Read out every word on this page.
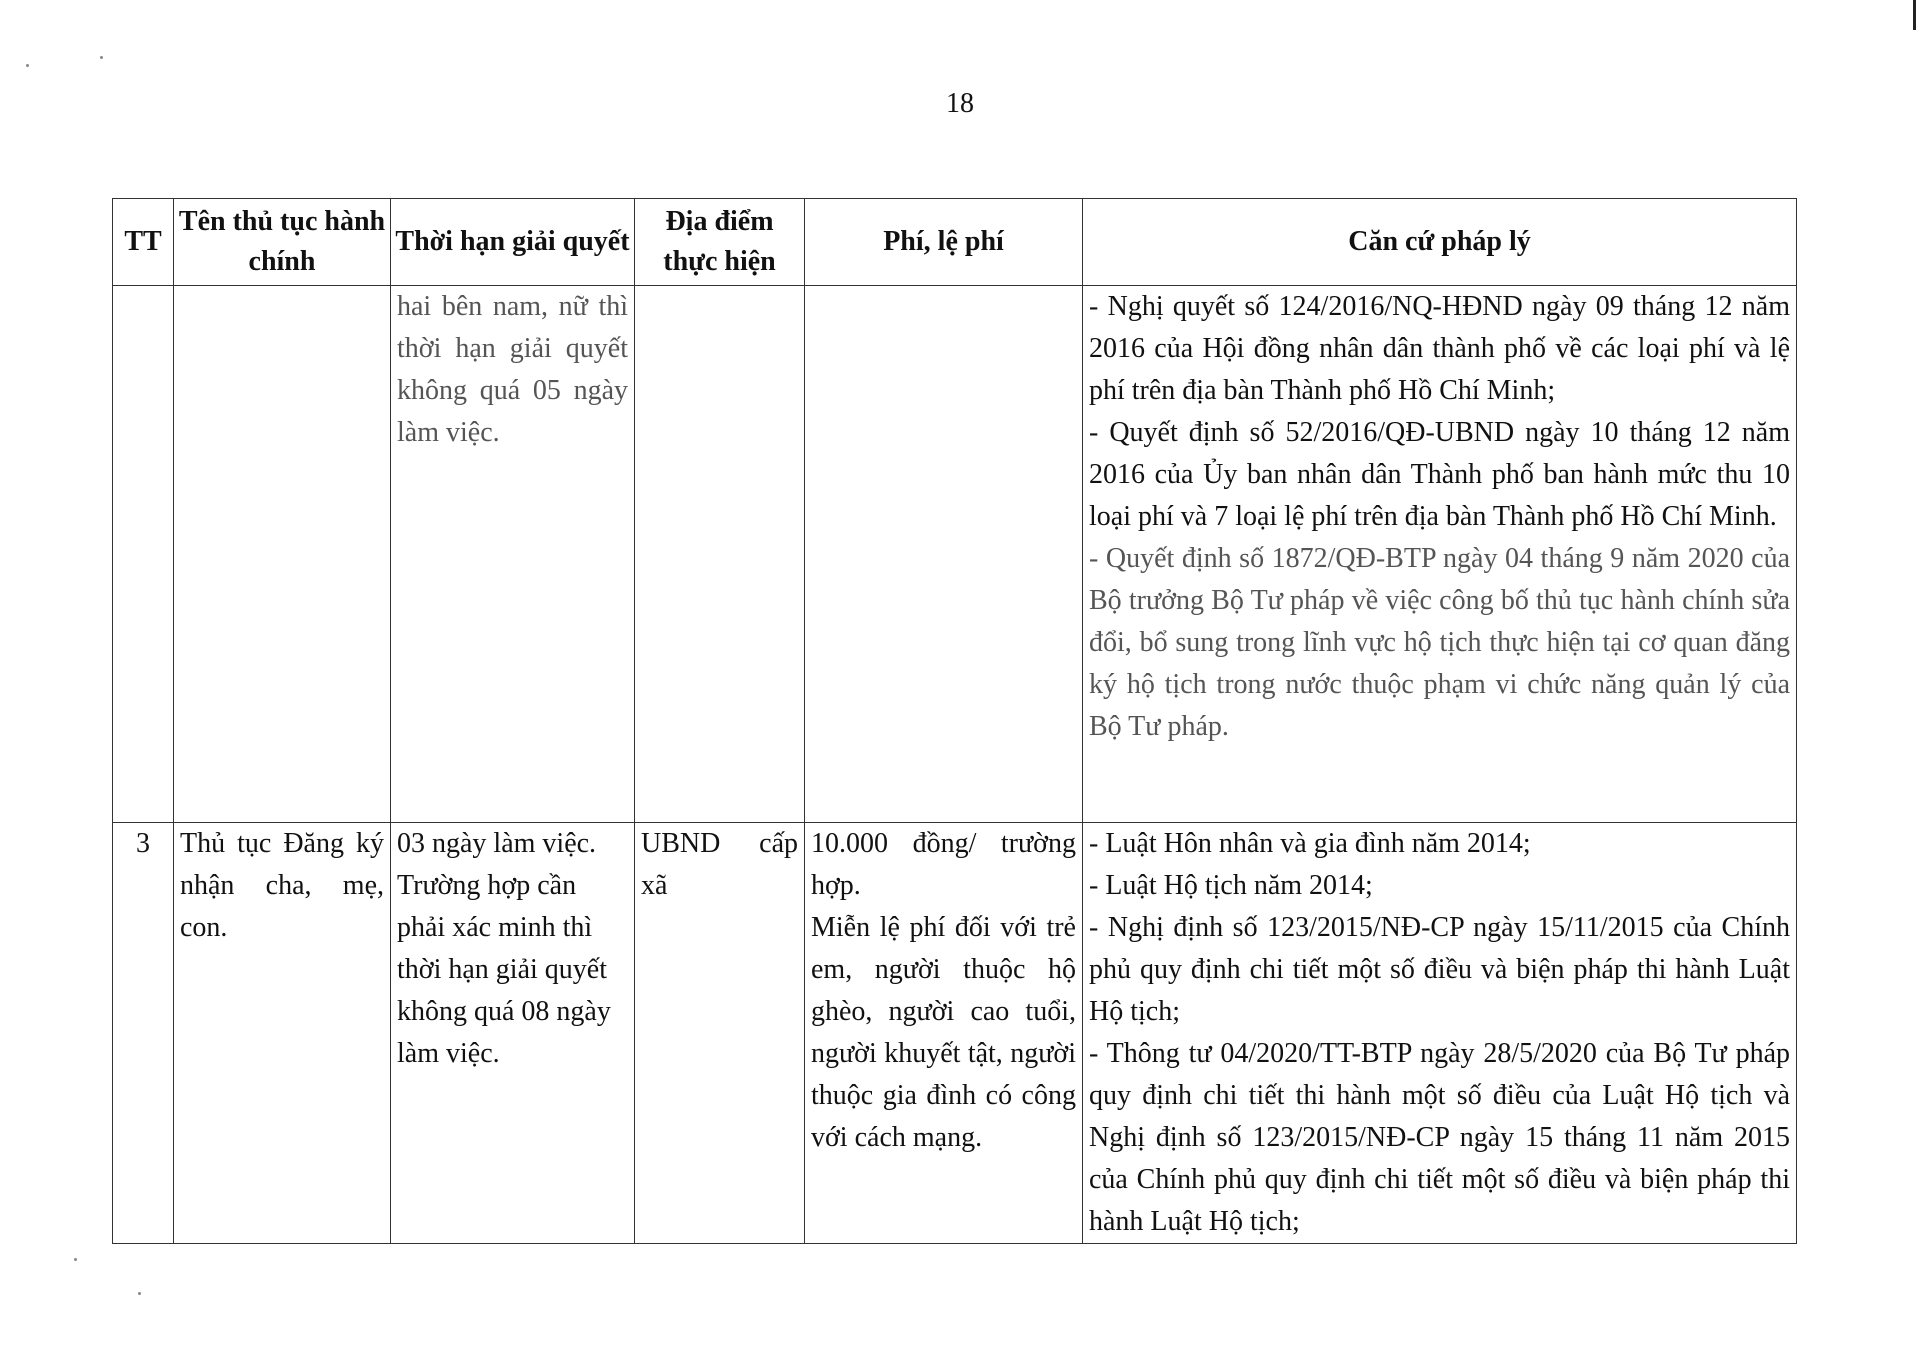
18
TT	Tên thủ tục hành chính	Thời hạn giải quyết	Địa điểm thực hiện	Phí, lệ phí	Căn cứ pháp lý
		hai bên nam, nữ thì thời hạn giải quyết không quá 05 ngày làm việc.			- Nghị quyết số 124/2016/NQ-HĐND ngày 09 tháng 12 năm 2016 của Hội đồng nhân dân thành phố về các loại phí và lệ phí trên địa bàn Thành phố Hồ Chí Minh;
- Quyết định số 52/2016/QĐ-UBND ngày 10 tháng 12 năm 2016 của Ủy ban nhân dân Thành phố ban hành mức thu 10 loại phí và 7 loại lệ phí trên địa bàn Thành phố Hồ Chí Minh.
- Quyết định số 1872/QĐ-BTP ngày 04 tháng 9 năm 2020 của Bộ trưởng Bộ Tư pháp về việc công bố thủ tục hành chính sửa đổi, bổ sung trong lĩnh vực hộ tịch thực hiện tại cơ quan đăng ký hộ tịch trong nước thuộc phạm vi chức năng quản lý của Bộ Tư pháp.

3	Thủ tục Đăng ký nhận cha, mẹ, con.	03 ngày làm việc. Trường hợp cần phải xác minh thì thời hạn giải quyết không quá 08 ngày làm việc.	UBND cấp xã	10.000 đồng/ trường hợp.
Miễn lệ phí đối với trẻ em, người thuộc hộ ghèo, người cao tuổi, người khuyết tật, người thuộc gia đình có công với cách mạng.	- Luật Hôn nhân và gia đình năm 2014;
- Luật Hộ tịch năm 2014;
- Nghị định số 123/2015/NĐ-CP ngày 15/11/2015 của Chính phủ quy định chi tiết một số điều và biện pháp thi hành Luật Hộ tịch;
- Thông tư 04/2020/TT-BTP ngày 28/5/2020 của Bộ Tư pháp quy định chi tiết thi hành một số điều của Luật Hộ tịch và Nghị định số 123/2015/NĐ-CP ngày 15 tháng 11 năm 2015 của Chính phủ quy định chi tiết một số điều và biện pháp thi hành Luật Hộ tịch;
